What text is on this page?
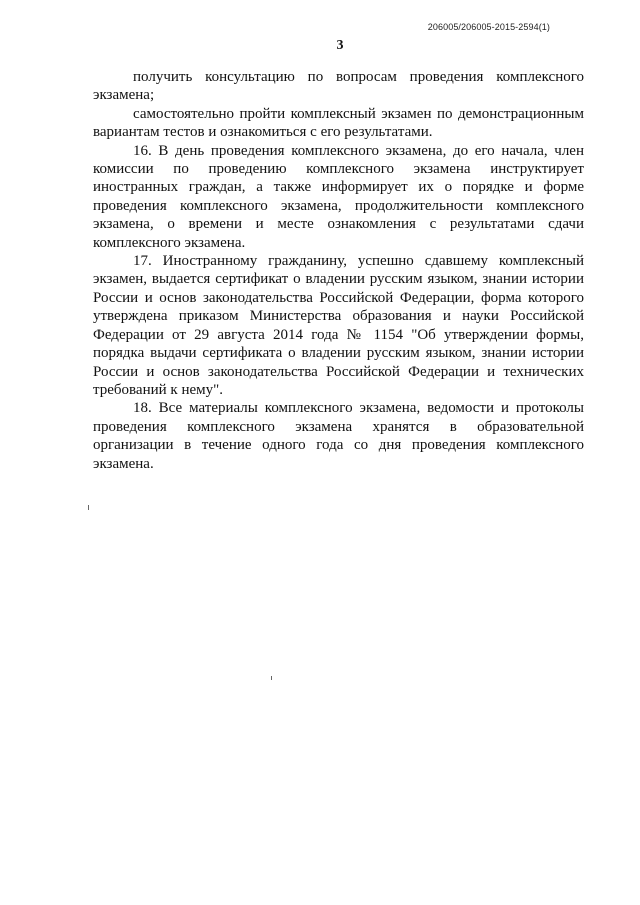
206005/206005-2015-2594(1)
3

получить консультацию по вопросам проведения комплексного экзамена;

самостоятельно пройти комплексный экзамен по демонстрационным вариантам тестов и ознакомиться с его результатами.

16. В день проведения комплексного экзамена, до его начала, член комиссии по проведению комплексного экзамена инструктирует иностранных граждан, а также информирует их о порядке и форме проведения комплексного экзамена, продолжительности комплексного экзамена, о времени и месте ознакомления с результатами сдачи комплексного экзамена.

17. Иностранному гражданину, успешно сдавшему комплексный экзамен, выдается сертификат о владении русским языком, знании истории России и основ законодательства Российской Федерации, форма которого утверждена приказом Министерства образования и науки Российской Федерации от 29 августа 2014 года № 1154 "Об утверждении формы, порядка выдачи сертификата о владении русским языком, знании истории России и основ законодательства Российской Федерации и технических требований к нему".

18. Все материалы комплексного экзамена, ведомости и протоколы проведения комплексного экзамена хранятся в образовательной организации в течение одного года со дня проведения комплексного экзамена.
